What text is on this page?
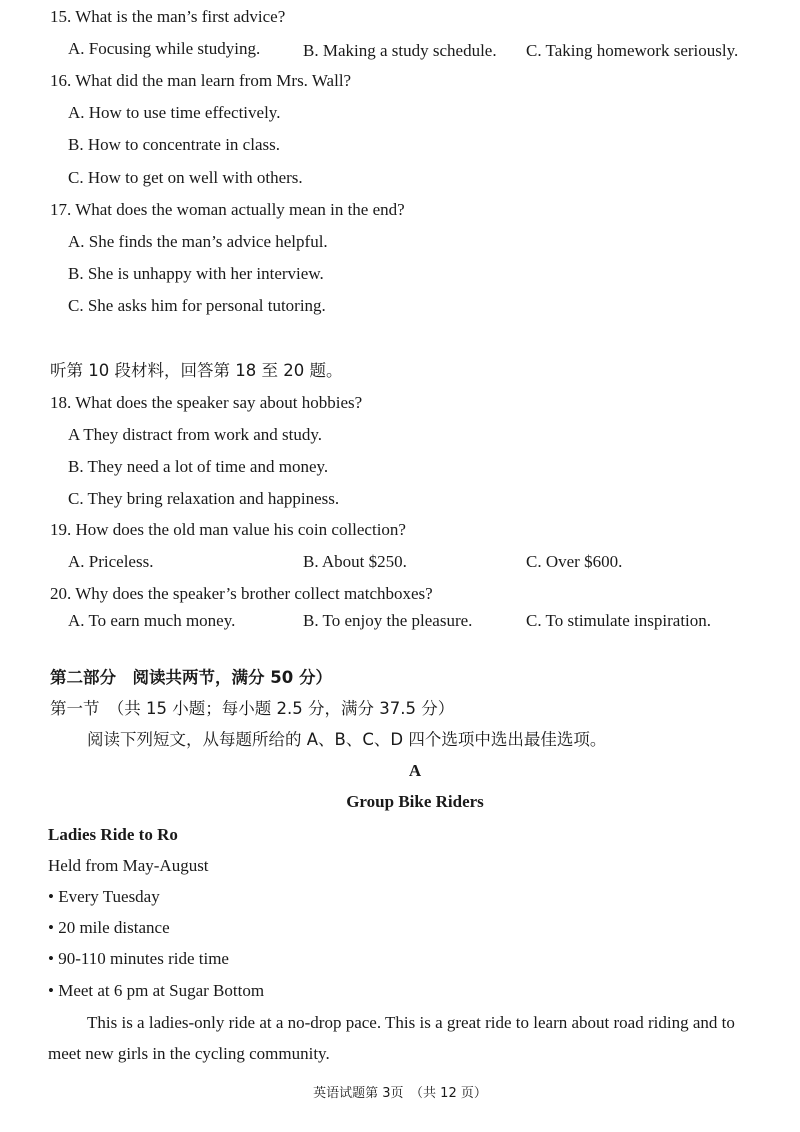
15. What is the man’s first advice?
A. Focusing while studying.	B. Making a study schedule. C. Taking homework seriously.
16. What did the man learn from Mrs. Wall?
A. How to use time effectively.
B. How to concentrate in class.
C. How to get on well with others.
17. What does the woman actually mean in the end?
A. She finds the man’s advice helpful.
B. She is unhappy with her interview.
C. She asks him for personal tutoring.
听第 10 段材料，回答第 18 至 20 题。
18. What does the speaker say about hobbies?
A They distract from work and study.
B. They need a lot of time and money.
C. They bring relaxation and happiness.
19. How does the old man value his coin collection?
A. Priceless.	B. About $250.	C. Over $600.
20. Why does the speaker’s brother collect matchboxes?
A. To earn much money.	B. To enjoy the pleasure.	C. To stimulate inspiration.
第二部分　阅读共两节，满分 50 分）
第一节　（共 15 小题；每小题 2.5 分，满分 37.5 分）
阅读下列短文，从每题所给的 A、B、C、D 四个选项中选出最佳选项。
A
Group Bike Riders
Ladies Ride to Ro
Held from May-August
• Every Tuesday
• 20 mile distance
• 90-110 minutes ride time
• Meet at 6 pm at Sugar Bottom
This is a ladies-only ride at a no-drop pace. This is a great ride to learn about road riding and to
meet new girls in the cycling community.
英语试题第 3页　（共 12 页）
